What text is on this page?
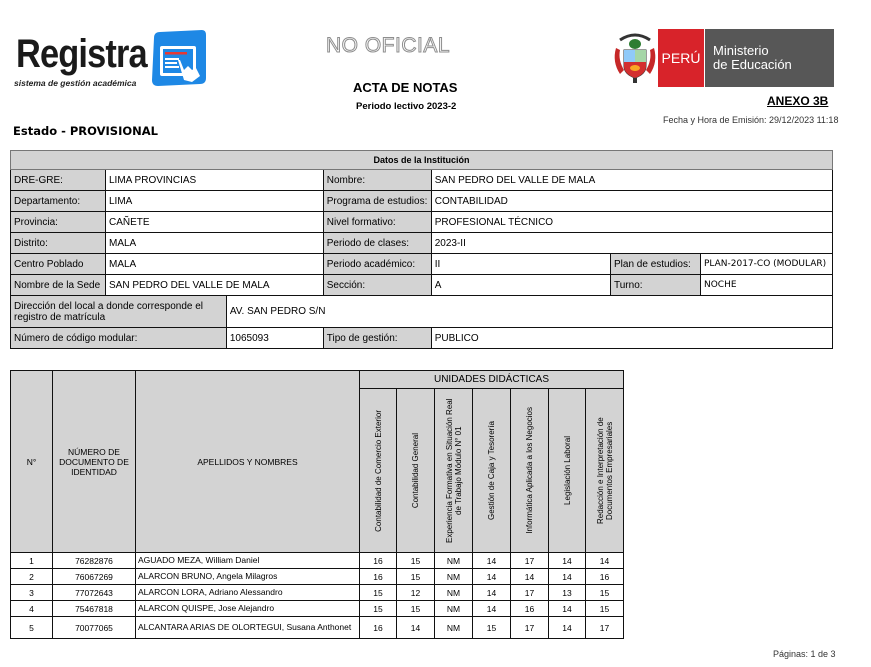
Registra
sistema de gestión académica
NO OFICIAL
ACTA DE NOTAS
Periodo lectivo 2023-2
Estado - PROVISIONAL
PERÚ Ministerio
de Educación
ANEXO 3B
Fecha y Hora de Emisión: 29/12/2023 11:18
Datos de la Institución						
DRE-GRE:	LIMA PROVINCIAS		Nombre:	SAN PEDRO DEL VALLE DE MALA		
Departamento:	LIMA		Programa de estudios:	CONTABILIDAD		
Provincia:	CAÑETE		Nivel formativo:	PROFESIONAL TÉCNICO		
Distrito:	MALA		Periodo de clases:	2023-II		
Centro Poblado	MALA		Periodo académico:	II	Plan de estudios:	PLAN-2017-CO (MODULAR)
Nombre de la Sede	SAN PEDRO DEL VALLE DE MALA		Sección:	A	Turno:	NOCHE
Dirección del local a donde corresponde el registro de matrícula		AV. SAN PEDRO S/N				
Número de código modular:		1065093	Tipo de gestión:	PUBLICO		
N°	NÚMERO DE DOCUMENTO DE IDENTIDAD	APELLIDOS Y NOMBRES	UNIDADES DIDÁCTICAS						

			Contabilidad de Comercio Exterior	Contabilidad General	Experiencia Formativa en Situación Real de Trabajo Módulo N° 01	Gestión de Caja y Tesorería	Informática Aplicada a los Negocios	Legislación Laboral	Redacción e Interpretación de Documentos Empresariales

1	76282876	AGUADO MEZA, William Daniel	16	15	NM	14	17	14	14
2	76067269	ALARCON BRUNO, Angela Milagros	16	15	NM	14	14	14	16
3	77072643	ALARCON LORA, Adriano Alessandro	15	12	NM	14	17	13	15
4	75467818	ALARCON QUISPE, Jose Alejandro	15	15	NM	14	16	14	15
5	70077065	ALCANTARA ARIAS DE OLORTEGUI, Susana Anthonet	16	14	NM	15	17	14	17
Páginas: 1 de 3
